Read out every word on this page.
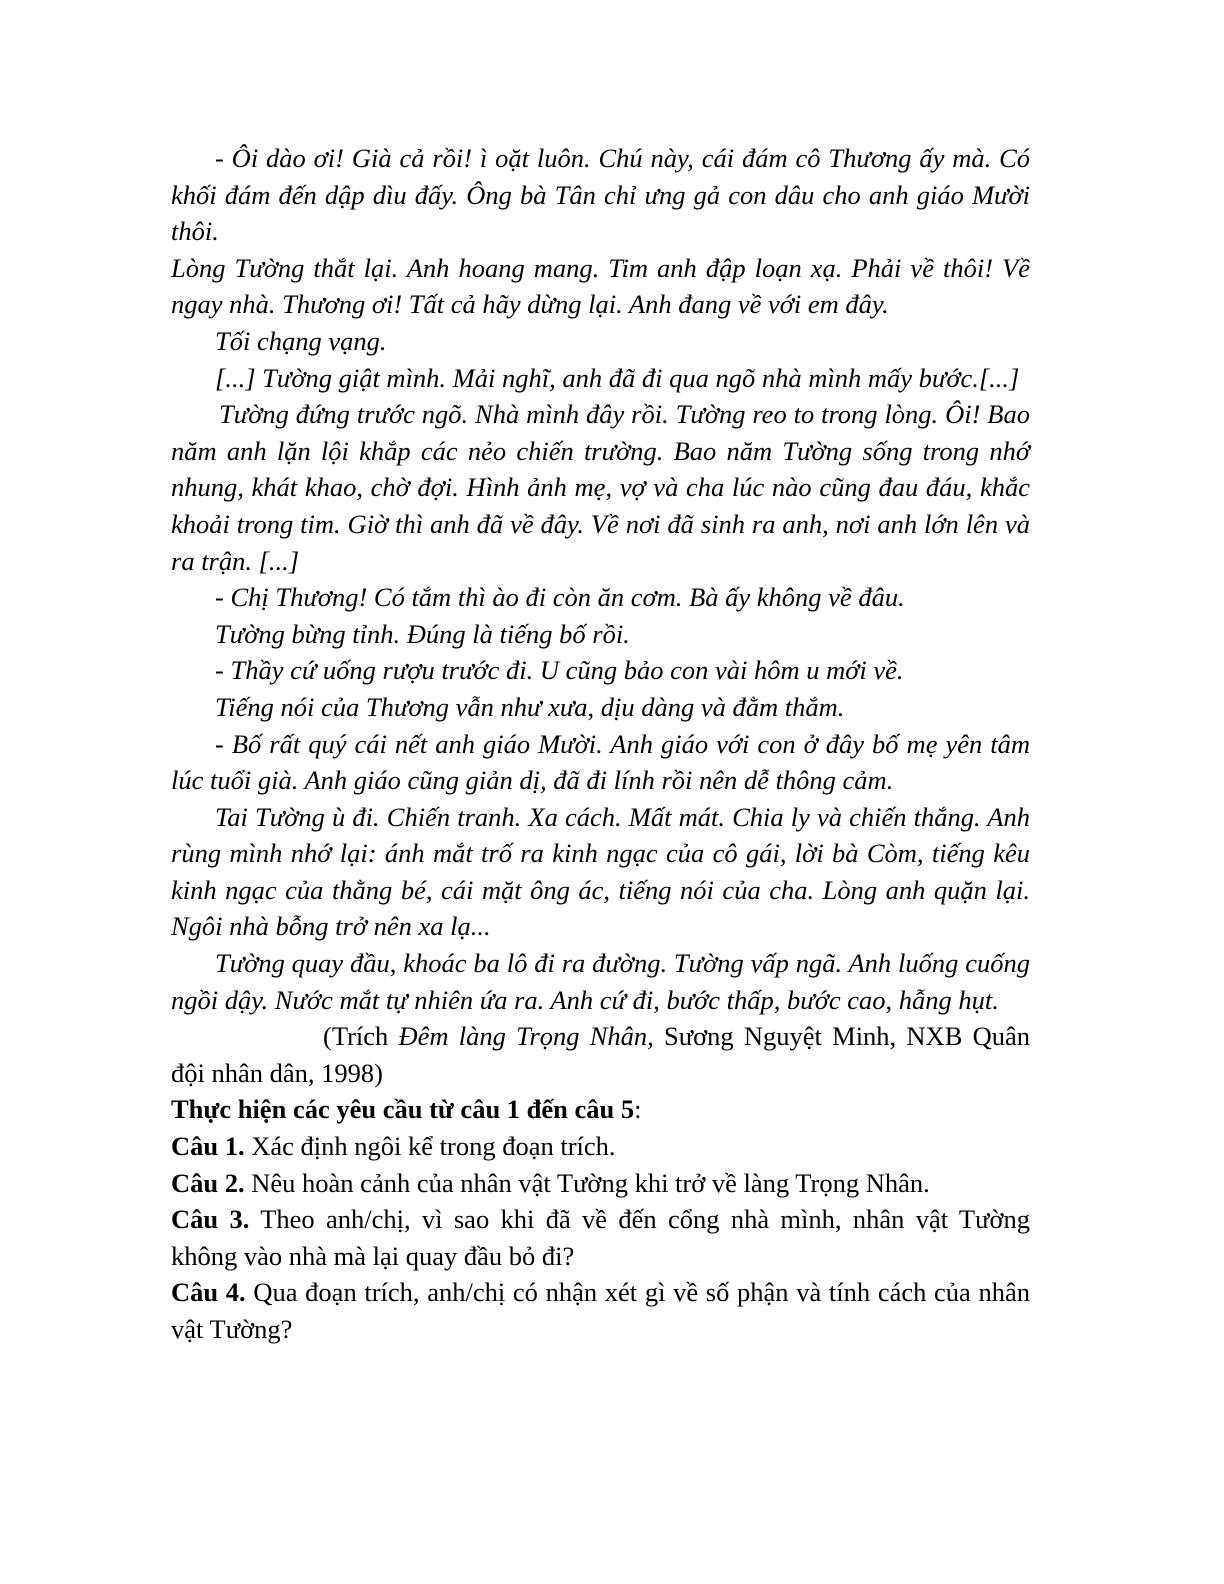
- Ôi dào ơi! Già cả rồi! ì oặt luôn. Chú này, cái đám cô Thương ấy mà. Có khối đám đến dập dìu đấy. Ông bà Tân chỉ ưng gả con dâu cho anh giáo Mười thôi.

Lòng Tường thắt lại. Anh hoang mang. Tim anh đập loạn xạ. Phải về thôi! Về ngay nhà. Thương ơi! Tất cả hãy dừng lại. Anh đang về với em đây.

Tối chạng vạng.

[...] Tường giật mình. Mải nghĩ, anh đã đi qua ngõ nhà mình mấy bước.[...]

Tường đứng trước ngõ. Nhà mình đây rồi. Tường reo to trong lòng. Ôi! Bao năm anh lặn lội khắp các nẻo chiến trường. Bao năm Tường sống trong nhớ nhung, khát khao, chờ đợi. Hình ảnh mẹ, vợ và cha lúc nào cũng đau đáu, khắc khoải trong tim. Giờ thì anh đã về đây. Về nơi đã sinh ra anh, nơi anh lớn lên và ra trận. [...]

- Chị Thương! Có tắm thì ào đi còn ăn cơm. Bà ấy không về đâu.

Tường bừng tỉnh. Đúng là tiếng bố rồi.

- Thầy cứ uống rượu trước đi. U cũng bảo con vài hôm u mới về.

Tiếng nói của Thương vẫn như xưa, dịu dàng và đằm thắm.

- Bố rất quý cái nết anh giáo Mười. Anh giáo với con ở đây bố mẹ yên tâm lúc tuổi già. Anh giáo cũng giản dị, đã đi lính rồi nên dễ thông cảm.

Tai Tường ù đi. Chiến tranh. Xa cách. Mất mát. Chia ly và chiến thắng. Anh rùng mình nhớ lại: ánh mắt trố ra kinh ngạc của cô gái, lời bà Còm, tiếng kêu kinh ngạc của thằng bé, cái mặt ông ác, tiếng nói của cha. Lòng anh quặn lại. Ngôi nhà bỗng trở nên xa lạ...

Tường quay đầu, khoác ba lô đi ra đường. Tường vấp ngã. Anh luống cuống ngồi dậy. Nước mắt tự nhiên ứa ra. Anh cứ đi, bước thấp, bước cao, hẫng hụt.

(Trích Đêm làng Trọng Nhân, Sương Nguyệt Minh, NXB Quân đội nhân dân, 1998)

Thực hiện các yêu cầu từ câu 1 đến câu 5:

Câu 1. Xác định ngôi kể trong đoạn trích.

Câu 2. Nêu hoàn cảnh của nhân vật Tường khi trở về làng Trọng Nhân.

Câu 3. Theo anh/chị, vì sao khi đã về đến cổng nhà mình, nhân vật Tường không vào nhà mà lại quay đầu bỏ đi?

Câu 4. Qua đoạn trích, anh/chị có nhận xét gì về số phận và tính cách của nhân vật Tường?
